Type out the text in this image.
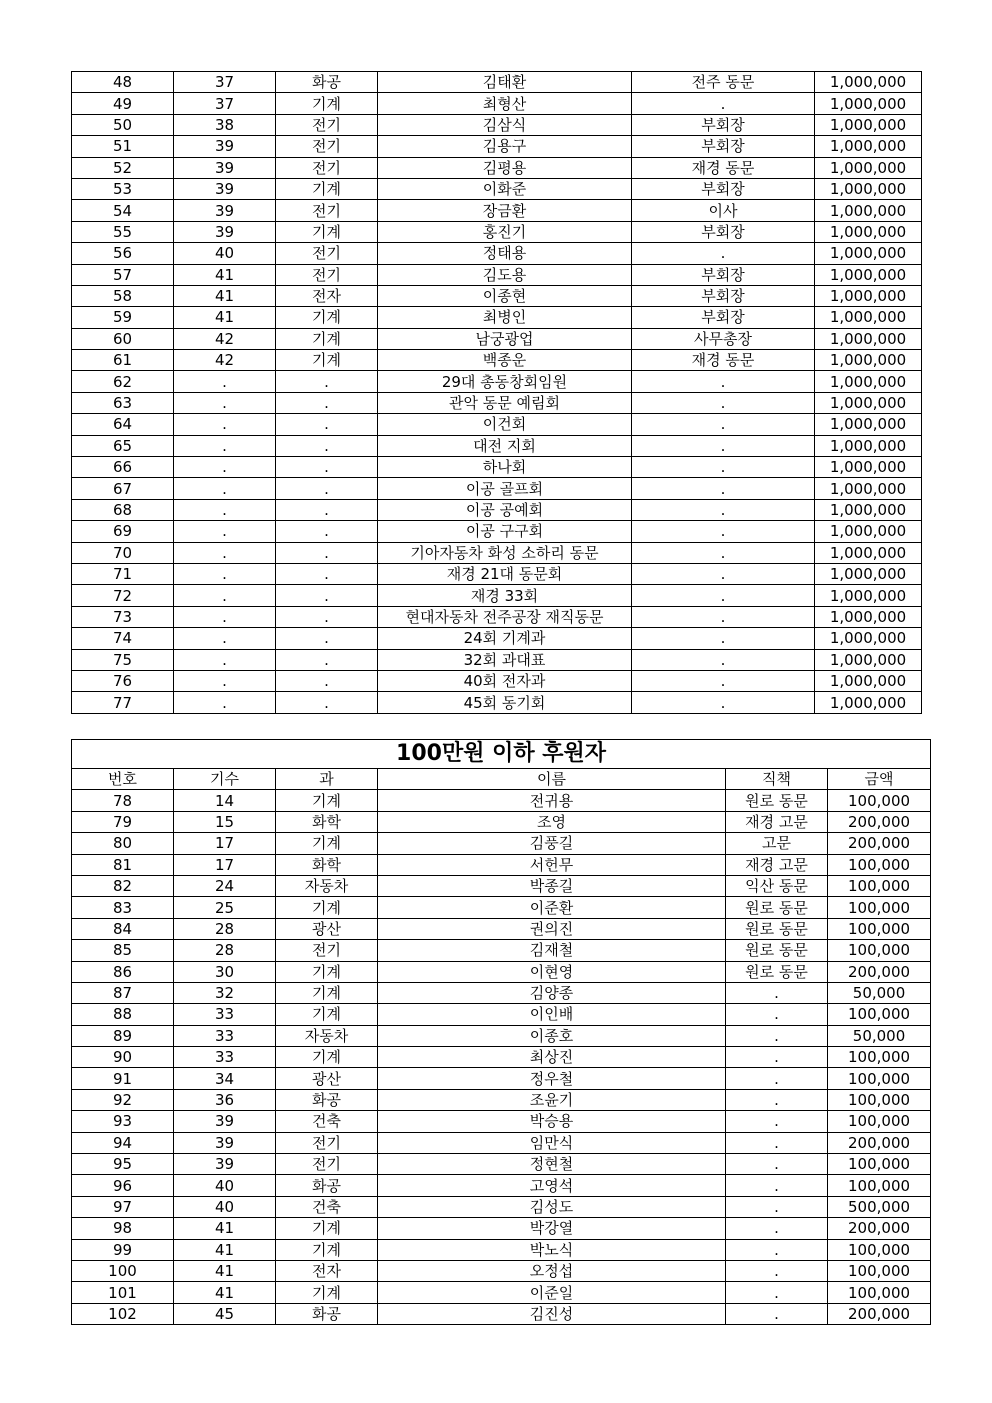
48	37	화공	김태환	전주 동문	1,000,000
49	37	기계	최형산	.	1,000,000
50	38	전기	김삼식	부회장	1,000,000
51	39	전기	김용구	부회장	1,000,000
52	39	전기	김평용	재경 동문	1,000,000
53	39	기계	이화준	부회장	1,000,000
54	39	전기	장금환	이사	1,000,000
55	39	기계	홍진기	부회장	1,000,000
56	40	전기	정태용	.	1,000,000
57	41	전기	김도용	부회장	1,000,000
58	41	전자	이종현	부회장	1,000,000
59	41	기계	최병인	부회장	1,000,000
60	42	기계	남궁광업	사무총장	1,000,000
61	42	기계	백종운	재경 동문	1,000,000
62	.	.	29대 총동창회임원	.	1,000,000
63	.	.	관악 동문 예림회	.	1,000,000
64	.	.	이건회	.	1,000,000
65	.	.	대전 지회	.	1,000,000
66	.	.	하나회	.	1,000,000
67	.	.	이공 골프회	.	1,000,000
68	.	.	이공 공예회	.	1,000,000
69	.	.	이공 구구회	.	1,000,000
70	.	.	기아자동차 화성 소하리 동문	.	1,000,000
71	.	.	재경 21대 동문회	.	1,000,000
72	.	.	재경 33회	.	1,000,000
73	.	.	현대자동차 전주공장 재직동문	.	1,000,000
74	.	.	24회 기계과	.	1,000,000
75	.	.	32회 과대표	.	1,000,000
76	.	.	40회 전자과	.	1,000,000
77	.	.	45회 동기회	.	1,000,000
100만원 이하 후원자					
번호	기수	과	이름	직책	금액
78	14	기계	전귀용	원로 동문	100,000
79	15	화학	조영	재경 고문	200,000
80	17	기계	김풍길	고문	200,000
81	17	화학	서헌무	재경 고문	100,000
82	24	자동차	박종길	익산 동문	100,000
83	25	기계	이준환	원로 동문	100,000
84	28	광산	권의진	원로 동문	100,000
85	28	전기	김재철	원로 동문	100,000
86	30	기계	이현영	원로 동문	200,000
87	32	기계	김양종	.	50,000
88	33	기계	이인배	.	100,000
89	33	자동차	이종호	.	50,000
90	33	기계	최상진	.	100,000
91	34	광산	정우철	.	100,000
92	36	화공	조윤기	.	100,000
93	39	건축	박승용	.	100,000
94	39	전기	임만식	.	200,000
95	39	전기	정현철	.	100,000
96	40	화공	고영석	.	100,000
97	40	건축	김성도	.	500,000
98	41	기계	박강열	.	200,000
99	41	기계	박노식	.	100,000
100	41	전자	오정섭	.	100,000
101	41	기계	이준일	.	100,000
102	45	화공	김진성	.	200,000
